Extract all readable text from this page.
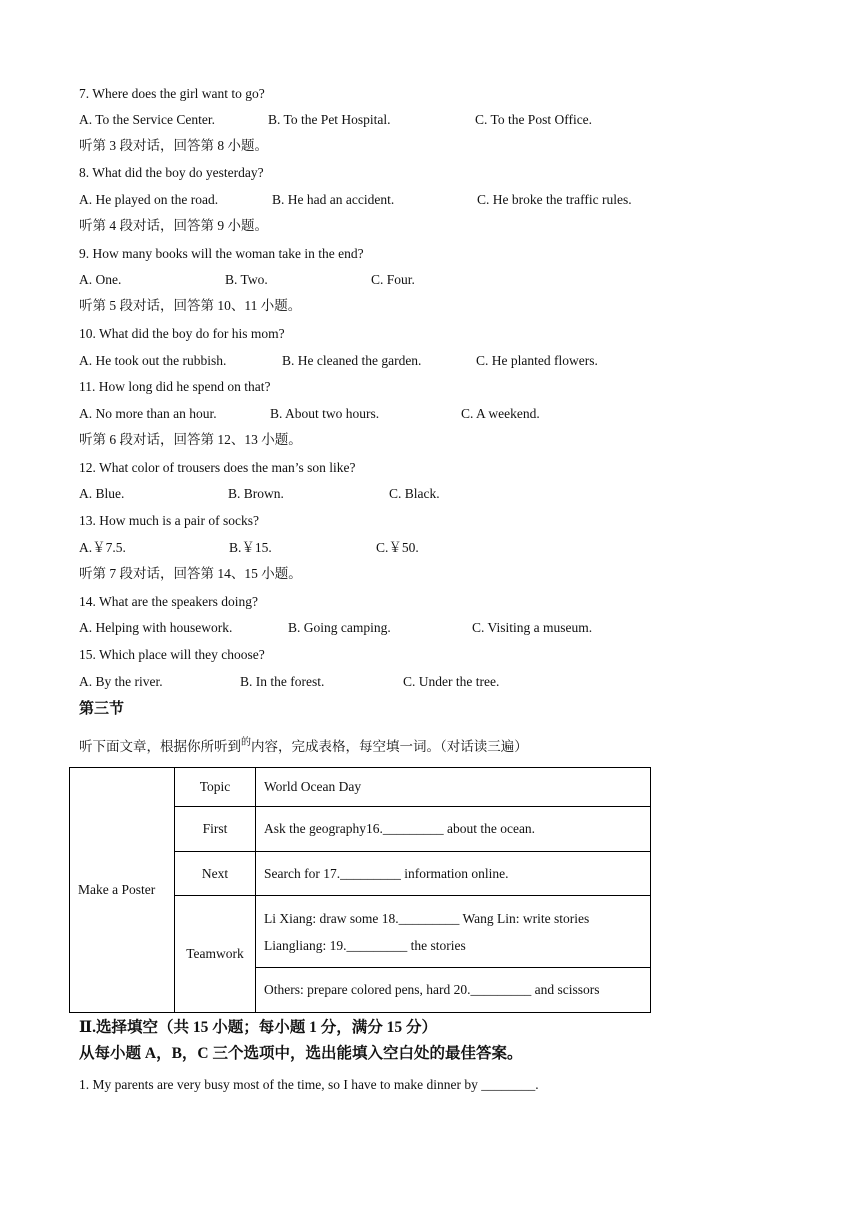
7. Where does the girl want to go?
A. To the Service Center.	B. To the Pet Hospital.	C. To the Post Office.
听第 3 段对话，回答第 8 小题。
8. What did the boy do yesterday?
A. He played on the road.	B. He had an accident.	C. He broke the traffic rules.
听第 4 段对话，回答第 9 小题。
9. How many books will the woman take in the end?
A. One.	B. Two.	C. Four.
听第 5 段对话，回答第 10、11 小题。
10. What did the boy do for his mom?
A. He took out the rubbish.	B. He cleaned the garden.	C. He planted flowers.
11. How long did he spend on that?
A. No more than an hour.	B. About two hours.	C. A weekend.
听第 6 段对话，回答第 12、13 小题。
12. What color of trousers does the man’s son like?
A. Blue.	B. Brown.	C. Black.
13. How much is a pair of socks?
A.￥7.5.	B.￥15.	C.￥50.
听第 7 段对话，回答第 14、15 小题。
14. What are the speakers doing?
A. Helping with housework.	B. Going camping.	C. Visiting a museum.
15. Which place will they choose?
A. By the river.	B. In the forest.	C. Under the tree.
第三节
听下面文章，根据你所听到$^的$内容，完成表格，每空填一词。（对话读三遍）
Make a Poster	Topic	World Ocean Day
	First	Ask the geography16._________ about the ocean.
	Next	Search for 17._________ information online.
	Teamwork	Li Xiang: draw some 18._________ Wang Lin: write stories
Liangliang: 19._________ the stories

		Others: prepare colored pens, hard 20._________ and scissors
Ⅱ.选择填空（共 15 小题；每小题 1 分，满分 15 分）
从每小题 A，B，C 三个选项中，选出能填入空白处的最佳答案。
1. My parents are very busy most of the time, so I have to make dinner by ________.
